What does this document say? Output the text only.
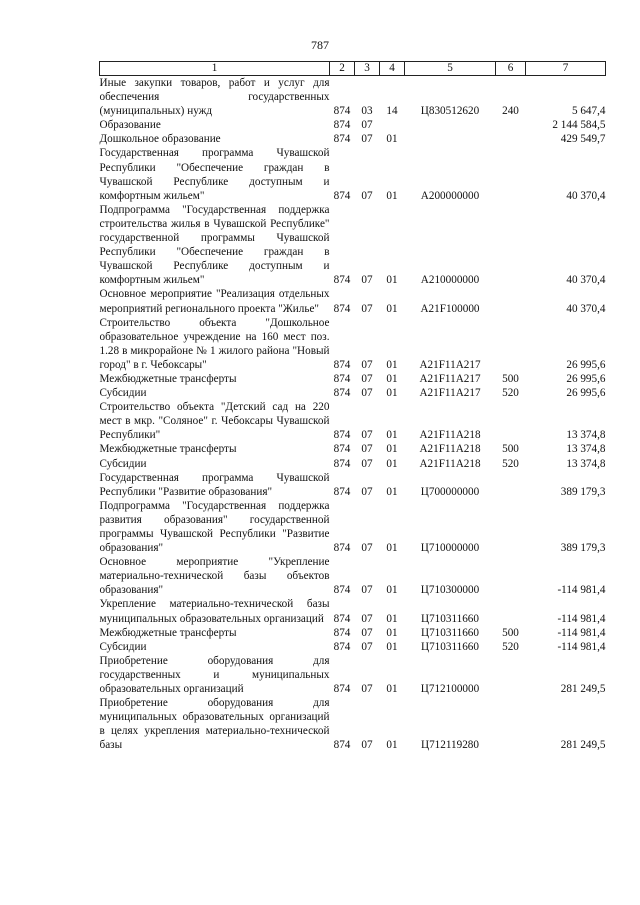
787
1	2	3	4	5	6	7
Иные закупки товаров, работ и услуг для обеспечения государственных (муниципальных) нужд	874	03	14	Ц830512620	240	5 647,4
Образование	874	07				2 144 584,5
Дошкольное образование	874	07	01			429 549,7
Государственная программа Чувашской Республики "Обеспечение граждан в Чувашской Республике доступным и комфортным жильем"	874	07	01	А200000000		40 370,4
Подпрограмма "Государственная поддержка строительства жилья в Чувашской Республике" государственной программы Чувашской Республики "Обеспечение граждан в Чувашской Республике доступным и комфортным жильем"	874	07	01	А210000000		40 370,4
Основное мероприятие "Реализация отдельных мероприятий регионального проекта "Жилье"	874	07	01	А21F100000		40 370,4
Строительство объекта "Дошкольное образовательное учреждение на 160 мест поз. 1.28 в микрорайоне № 1 жилого района "Новый город" в г. Чебоксары"	874	07	01	А21F11А217		26 995,6
Межбюджетные трансферты	874	07	01	А21F11А217	500	26 995,6
Субсидии	874	07	01	А21F11А217	520	26 995,6
Строительство объекта "Детский сад на 220 мест в мкр. "Соляное" г. Чебоксары Чувашской Республики"	874	07	01	А21F11А218		13 374,8
Межбюджетные трансферты	874	07	01	А21F11А218	500	13 374,8
Субсидии	874	07	01	А21F11А218	520	13 374,8
Государственная программа Чувашской Республики "Развитие образования"	874	07	01	Ц700000000		389 179,3
Подпрограмма "Государственная поддержка развития образования" государственной программы Чувашской Республики "Развитие образования"	874	07	01	Ц710000000		389 179,3
Основное мероприятие "Укрепление материально-технической базы объектов образования"	874	07	01	Ц710300000		-114 981,4
Укрепление материально-технической базы муниципальных образовательных организаций	874	07	01	Ц710311660		-114 981,4
Межбюджетные трансферты	874	07	01	Ц710311660	500	-114 981,4
Субсидии	874	07	01	Ц710311660	520	-114 981,4
Приобретение оборудования для государственных и муниципальных образовательных организаций	874	07	01	Ц712100000		281 249,5
Приобретение оборудования для муниципальных образовательных организаций в целях укрепления материально-технической базы	874	07	01	Ц712119280		281 249,5
